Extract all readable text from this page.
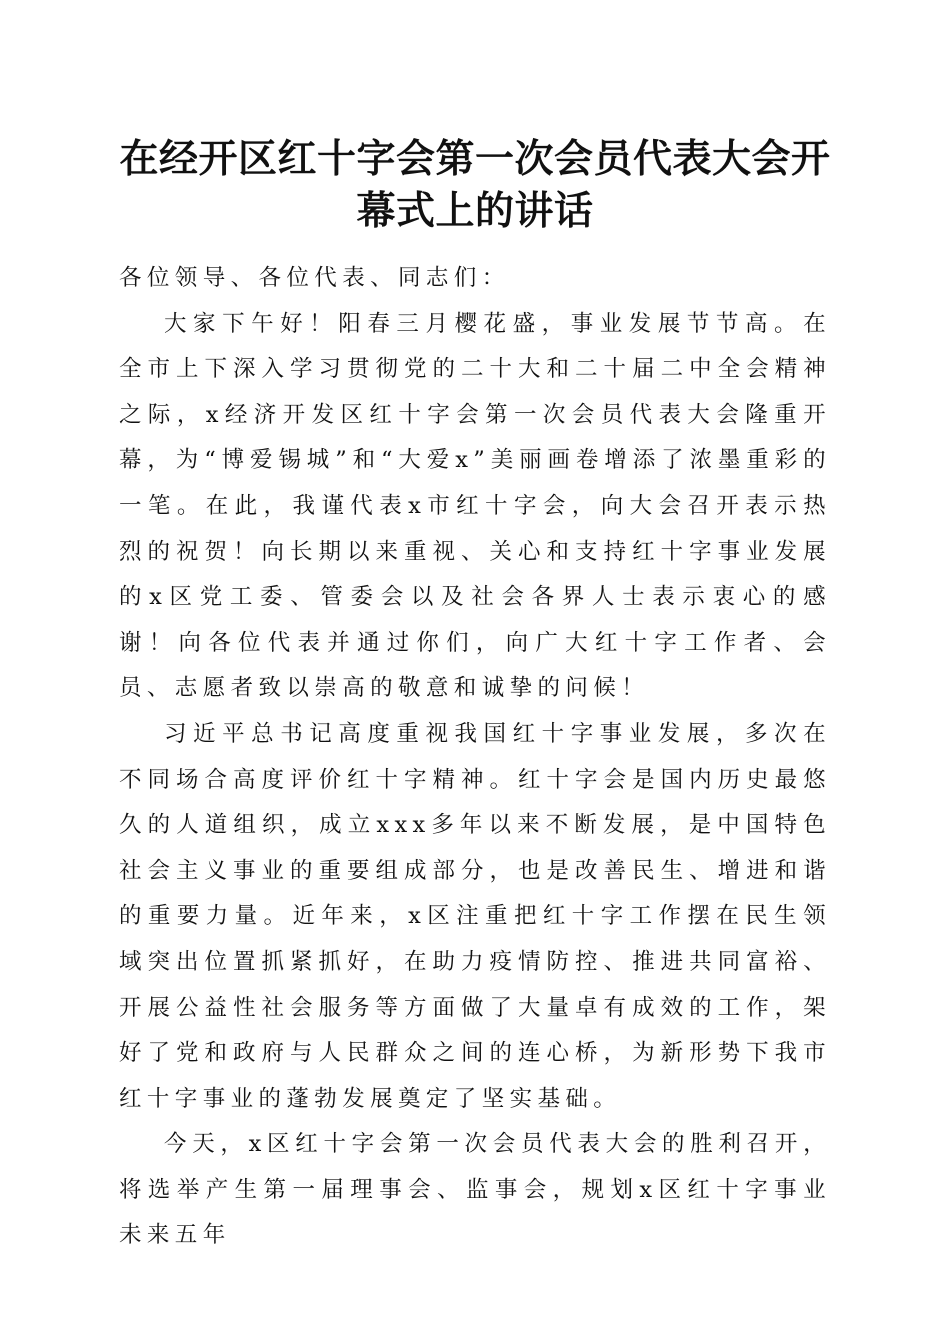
在经开区红十字会第一次会员代表大会开幕式上的讲话

各位领导、各位代表、同志们：

大家下午好！阳春三月樱花盛，事业发展节节高。在全市上下深入学习贯彻党的二十大和二十届二中全会精神之际，x经济开发区红十字会第一次会员代表大会隆重开幕，为“博爱锡城”和“大爱x”美丽画卷增添了浓墨重彩的一笔。在此，我谨代表x市红十字会，向大会召开表示热烈的祝贺！向长期以来重视、关心和支持红十字事业发展的x区党工委、管委会以及社会各界人士表示衷心的感谢！向各位代表并通过你们，向广大红十字工作者、会员、志愿者致以崇高的敬意和诚挚的问候！

习近平总书记高度重视我国红十字事业发展，多次在不同场合高度评价红十字精神。红十字会是国内历史最悠久的人道组织，成立xxx多年以来不断发展，是中国特色社会主义事业的重要组成部分，也是改善民生、增进和谐的重要力量。近年来，x区注重把红十字工作摆在民生领域突出位置抓紧抓好，在助力疫情防控、推进共同富裕、开展公益性社会服务等方面做了大量卓有成效的工作，架好了党和政府与人民群众之间的连心桥，为新形势下我市红十字事业的蓬勃发展奠定了坚实基础。

今天，x区红十字会第一次会员代表大会的胜利召开，将选举产生第一届理事会、监事会，规划x区红十字事业未来五年
